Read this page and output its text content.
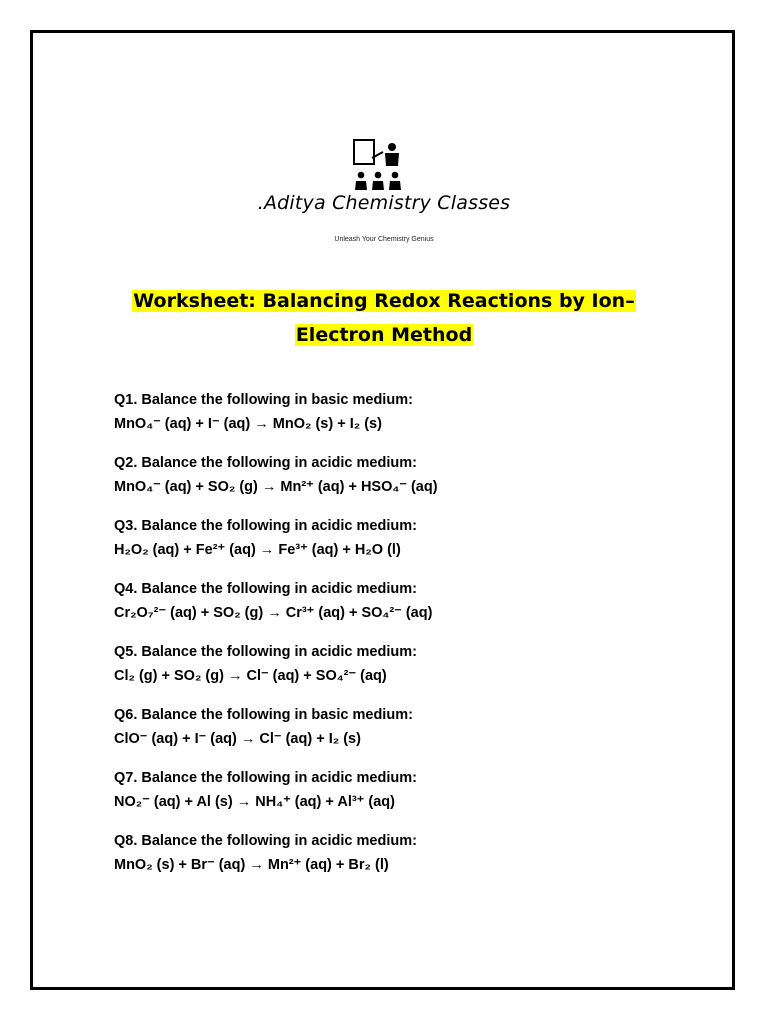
.Aditya Chemistry Classes
Unleash Your Chemistry Genius
Worksheet: Balancing Redox Reactions by Ion–
Electron Method
Q1. Balance the following in basic medium:
MnO₄⁻ (aq) + I⁻ (aq) → MnO₂ (s) + I₂ (s)
Q2. Balance the following in acidic medium:
MnO₄⁻ (aq) + SO₂ (g) → Mn²⁺ (aq) + HSO₄⁻ (aq)
Q3. Balance the following in acidic medium:
H₂O₂ (aq) + Fe²⁺ (aq) → Fe³⁺ (aq) + H₂O (l)
Q4. Balance the following in acidic medium:
Cr₂O₇²⁻ (aq) + SO₂ (g) → Cr³⁺ (aq) + SO₄²⁻ (aq)
Q5. Balance the following in acidic medium:
Cl₂ (g) + SO₂ (g) → Cl⁻ (aq) + SO₄²⁻ (aq)
Q6. Balance the following in basic medium:
ClO⁻ (aq) + I⁻ (aq) → Cl⁻ (aq) + I₂ (s)
Q7. Balance the following in acidic medium:
NO₂⁻ (aq) + Al (s) → NH₄⁺ (aq) + Al³⁺ (aq)
Q8. Balance the following in acidic medium:
MnO₂ (s) + Br⁻ (aq) → Mn²⁺ (aq) + Br₂ (l)
